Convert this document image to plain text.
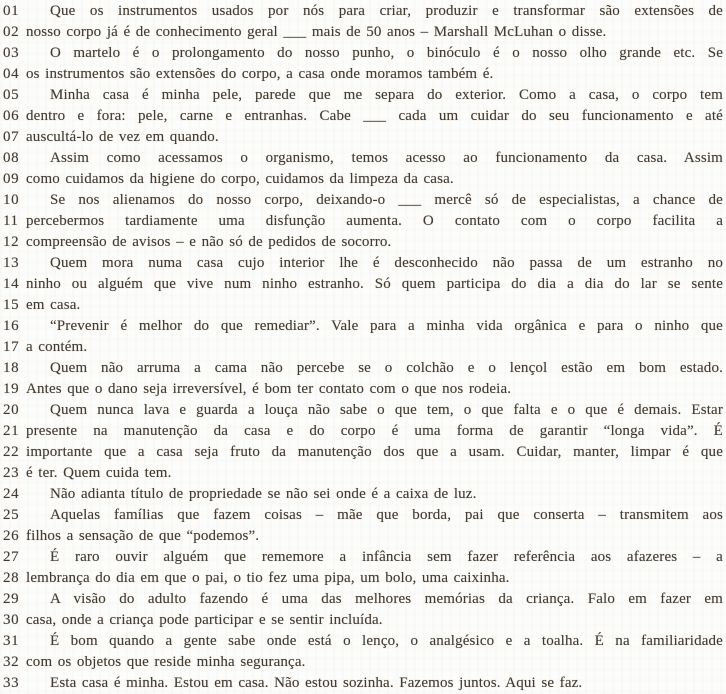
01	Que os instrumentos usados por nós para criar, produzir e transformar são extensões de
02 nosso corpo já é de conhecimento geral ___ mais de 50 anos – Marshall McLuhan o disse.
03	O martelo é o prolongamento do nosso punho, o binóculo é o nosso olho grande etc. Se
04 os instrumentos são extensões do corpo, a casa onde moramos também é.
05	Minha casa é minha pele, parede que me separa do exterior. Como a casa, o corpo tem
06 dentro e fora: pele, carne e entranhas. Cabe ___ cada um cuidar do seu funcionamento e até
07 auscultá-lo de vez em quando.
08	Assim como acessamos o organismo, temos acesso ao funcionamento da casa. Assim
09 como cuidamos da higiene do corpo, cuidamos da limpeza da casa.
10	Se nos alienamos do nosso corpo, deixando-o ___ mercê só de especialistas, a chance de
11 percebermos tardiamente uma disfunção aumenta. O contato com o corpo facilita a
12 compreensão de avisos – e não só de pedidos de socorro.
13	Quem mora numa casa cujo interior lhe é desconhecido não passa de um estranho no
14 ninho ou alguém que vive num ninho estranho. Só quem participa do dia a dia do lar se sente
15 em casa.
16	“Prevenir é melhor do que remediar”. Vale para a minha vida orgânica e para o ninho que
17 a contém.
18	Quem não arruma a cama não percebe se o colchão e o lençol estão em bom estado.
19 Antes que o dano seja irreversível, é bom ter contato com o que nos rodeia.
20	Quem nunca lava e guarda a louça não sabe o que tem, o que falta e o que é demais. Estar
21 presente na manutenção da casa e do corpo é uma forma de garantir “longa vida”. É
22 importante que a casa seja fruto da manutenção dos que a usam. Cuidar, manter, limpar é que
23 é ter. Quem cuida tem.
24	Não adianta título de propriedade se não sei onde é a caixa de luz.
25	Aquelas famílias que fazem coisas – mãe que borda, pai que conserta – transmitem aos
26 filhos a sensação de que “podemos”.
27	É raro ouvir alguém que rememore a infância sem fazer referência aos afazeres – a
28 lembrança do dia em que o pai, o tio fez uma pipa, um bolo, uma caixinha.
29	A visão do adulto fazendo é uma das melhores memórias da criança. Falo em fazer em
30 casa, onde a criança pode participar e se sentir incluída.
31	É bom quando a gente sabe onde está o lenço, o analgésico e a toalha. É na familiaridade
32 com os objetos que reside minha segurança.
33	Esta casa é minha. Estou em casa. Não estou sozinha. Fazemos juntos. Aqui se faz.
